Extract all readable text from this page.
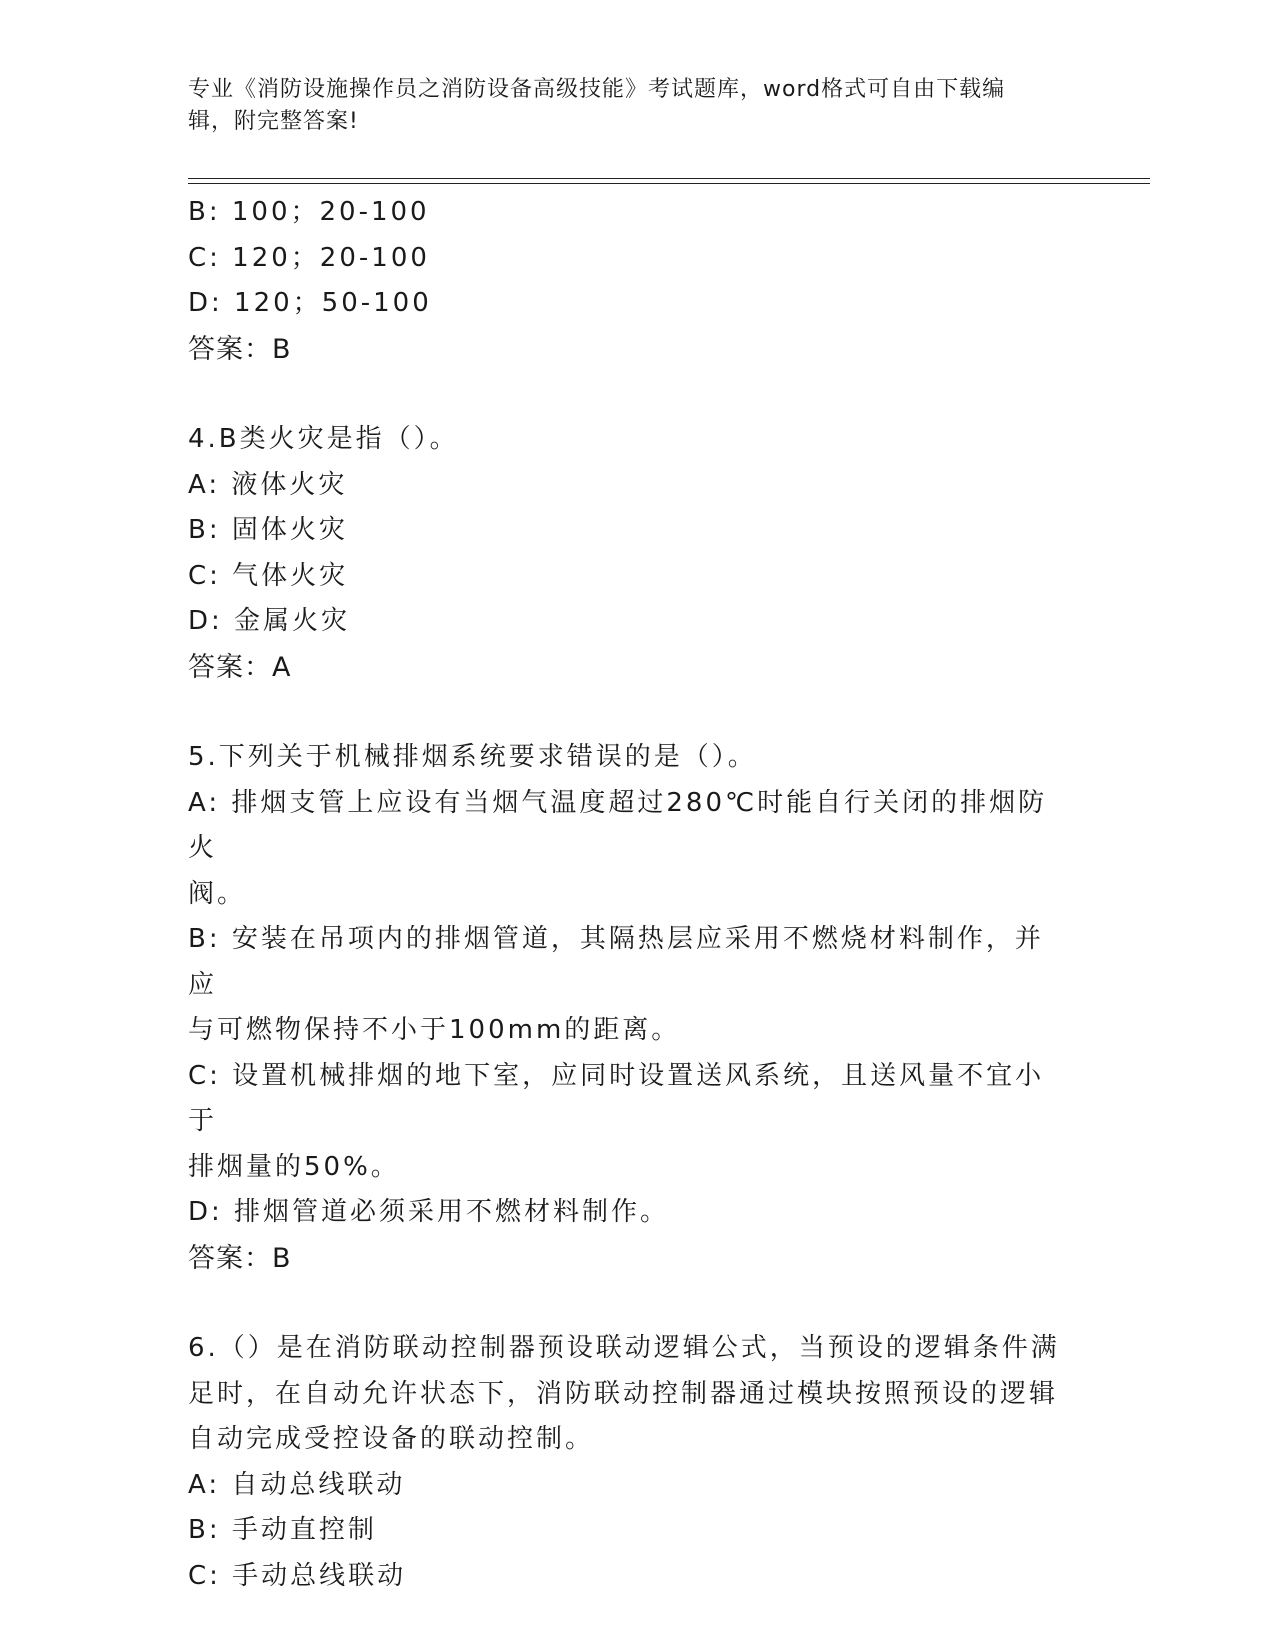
专业《消防设施操作员之消防设备高级技能》考试题库，word格式可自由下载编
辑，附完整答案!
B: 100；20-100
C: 120；20-100
D: 120；50-100
答案：B
4.B类火灾是指（）。
A: 液体火灾
B: 固体火灾
C: 气体火灾
D: 金属火灾
答案：A
5.下列关于机械排烟系统要求错误的是（）。
A: 排烟支管上应设有当烟气温度超过280℃时能自行关闭的排烟防火
阀。
B: 安装在吊项内的排烟管道，其隔热层应采用不燃烧材料制作，并应
与可燃物保持不小于100mm的距离。
C: 设置机械排烟的地下室，应同时设置送风系统，且送风量不宜小于
排烟量的50%。
D: 排烟管道必须采用不燃材料制作。
答案：B
6.（）是在消防联动控制器预设联动逻辑公式，当预设的逻辑条件满
足时，在自动允许状态下，消防联动控制器通过模块按照预设的逻辑
自动完成受控设备的联动控制。
A: 自动总线联动
B: 手动直控制
C: 手动总线联动
